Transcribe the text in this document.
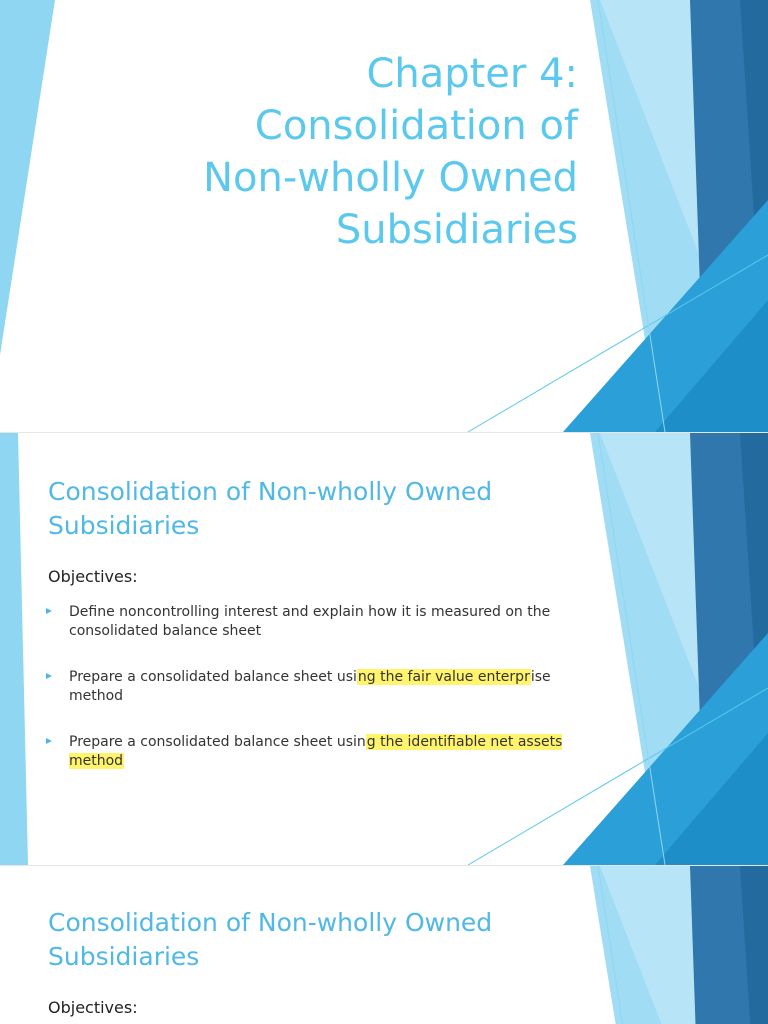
Chapter 4:
Consolidation of
Non-wholly Owned
Subsidiaries
Consolidation of Non-wholly Owned
Subsidiaries

Objectives:

Define noncontrolling interest and explain how it is measured on the consolidated balance sheet
Prepare a consolidated balance sheet using the fair value enterprise method
Prepare a consolidated balance sheet using the identifiable net assets method
Consolidation of Non-wholly Owned
Subsidiaries

Objectives:
